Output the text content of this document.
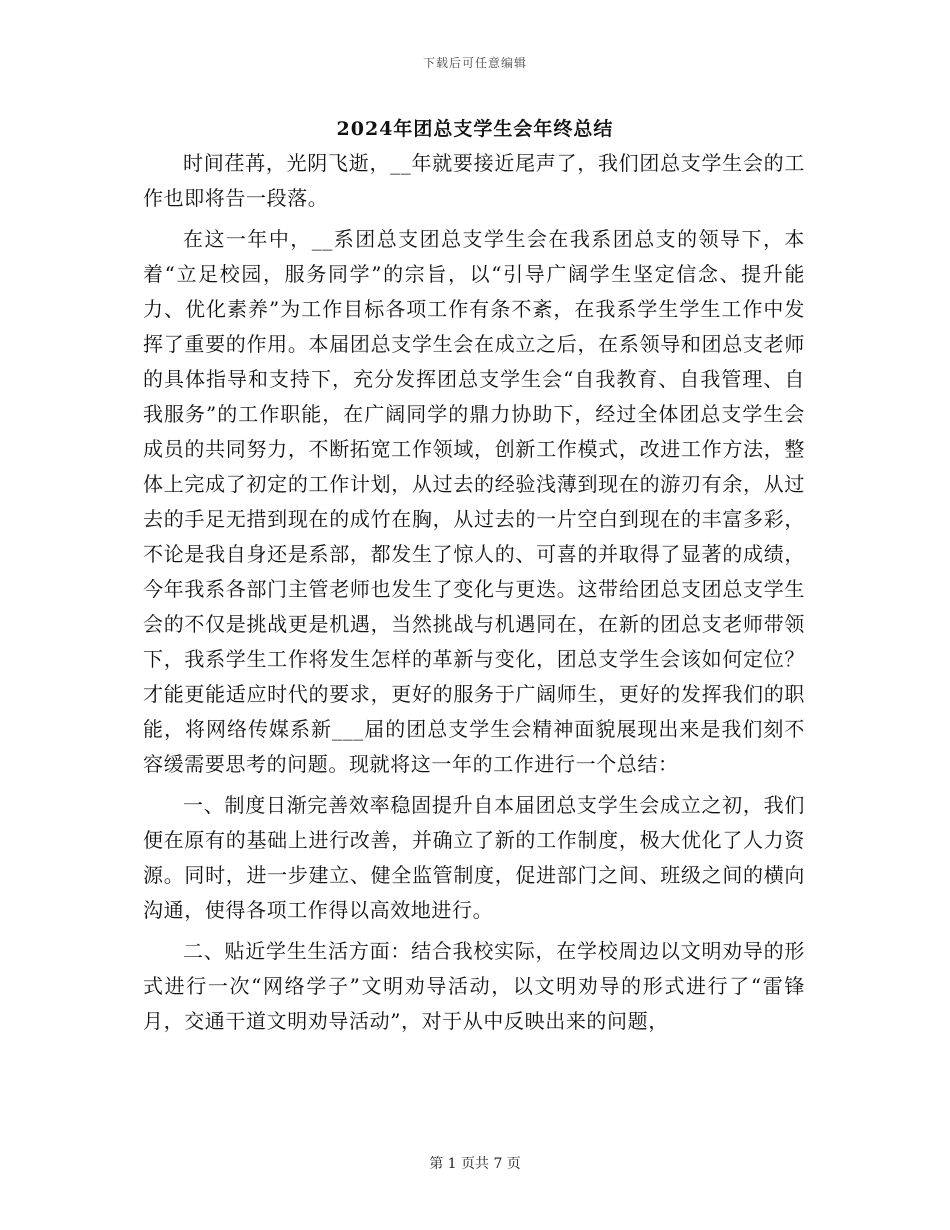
下载后可任意编辑
2024年团总支学生会年终总结

时间荏苒，光阴飞逝，__年就要接近尾声了，我们团总支学生会的工作也即将告一段落。

在这一年中，__系团总支团总支学生会在我系团总支的领导下，本着“立足校园，服务同学”的宗旨，以“引导广阔学生坚定信念、提升能力、优化素养”为工作目标各项工作有条不紊，在我系学生学生工作中发挥了重要的作用。本届团总支学生会在成立之后，在系领导和团总支老师的具体指导和支持下，充分发挥团总支学生会“自我教育、自我管理、自我服务”的工作职能，在广阔同学的鼎力协助下，经过全体团总支学生会成员的共同努力，不断拓宽工作领域，创新工作模式，改进工作方法，整体上完成了初定的工作计划，从过去的经验浅薄到现在的游刃有余，从过去的手足无措到现在的成竹在胸，从过去的一片空白到现在的丰富多彩，不论是我自身还是系部，都发生了惊人的、可喜的并取得了显著的成绩，今年我系各部门主管老师也发生了变化与更迭。这带给团总支团总支学生会的不仅是挑战更是机遇，当然挑战与机遇同在，在新的团总支老师带领下，我系学生工作将发生怎样的革新与变化，团总支学生会该如何定位？才能更能适应时代的要求，更好的服务于广阔师生，更好的发挥我们的职能，将网络传媒系新___届的团总支学生会精神面貌展现出来是我们刻不容缓需要思考的问题。现就将这一年的工作进行一个总结：

一、制度日渐完善效率稳固提升自本届团总支学生会成立之初，我们便在原有的基础上进行改善，并确立了新的工作制度，极大优化了人力资源。同时，进一步建立、健全监管制度，促进部门之间、班级之间的横向沟通，使得各项工作得以高效地进行。

二、贴近学生生活方面：结合我校实际，在学校周边以文明劝导的形式进行一次“网络学子”文明劝导活动，以文明劝导的形式进行了“雷锋月，交通干道文明劝导活动”，对于从中反映出来的问题，

第 1 页共 7 页
